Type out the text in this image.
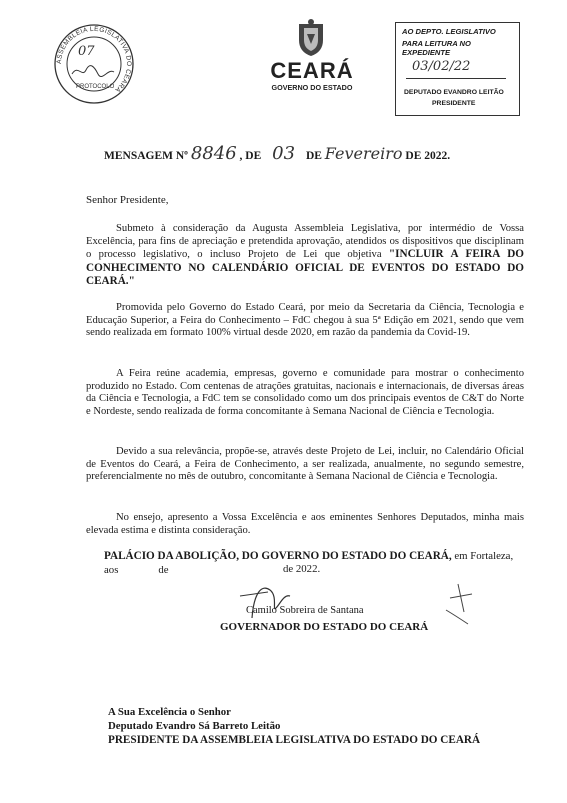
ASSEMBLEIA LEGISLATIVA DO CEARÁ
07
PROTOCOLO
CEARÁ
GOVERNO DO ESTADO
AO DEPTO. LEGISLATIVO
PARA LEITURA NO EXPEDIENTE
03/02/22
DEPUTADO EVANDRO LEITÃO
PRESIDENTE
MENSAGEM Nº 8846 , DE 03 DE Fevereiro DE 2022.
Senhor Presidente,
Submeto à consideração da Augusta Assembleia Legislativa, por intermédio de Vossa Excelência, para fins de apreciação e pretendida aprovação, atendidos os dispositivos que disciplinam o processo legislativo, o incluso Projeto de Lei que objetiva "INCLUIR A FEIRA DO CONHECIMENTO NO CALENDÁRIO OFICIAL DE EVENTOS DO ESTADO DO CEARÁ."
Promovida pelo Governo do Estado Ceará, por meio da Secretaria da Ciência, Tecnologia e Educação Superior, a Feira do Conhecimento – FdC chegou à sua 5ª Edição em 2021, sendo que vem sendo realizada em formato 100% virtual desde 2020, em razão da pandemia da Covid-19.
A Feira reúne academia, empresas, governo e comunidade para mostrar o conhecimento produzido no Estado. Com centenas de atrações gratuitas, nacionais e internacionais, de diversas áreas da Ciência e Tecnologia, a FdC tem se consolidado como um dos principais eventos de C&T do Norte e Nordeste, sendo realizada de forma concomitante à Semana Nacional de Ciência e Tecnologia.
Devido a sua relevância, propõe-se, através deste Projeto de Lei, incluir, no Calendário Oficial de Eventos do Ceará, a Feira de Conhecimento, a ser realizada, anualmente, no segundo semestre, preferencialmente no mês de outubro, concomitante à Semana Nacional de Ciência e Tecnologia.
No ensejo, apresento a Vossa Excelência e aos eminentes Senhores Deputados, minha mais elevada estima e distinta consideração.
PALÁCIO DA ABOLIÇÃO, DO GOVERNO DO ESTADO DO CEARÁ, em Fortaleza, aos	de	de 2022.
Camilo Sobreira de Santana
GOVERNADOR DO ESTADO DO CEARÁ
A Sua Excelência o Senhor
Deputado Evandro Sá Barreto Leitão
PRESIDENTE DA ASSEMBLEIA LEGISLATIVA DO ESTADO DO CEARÁ
